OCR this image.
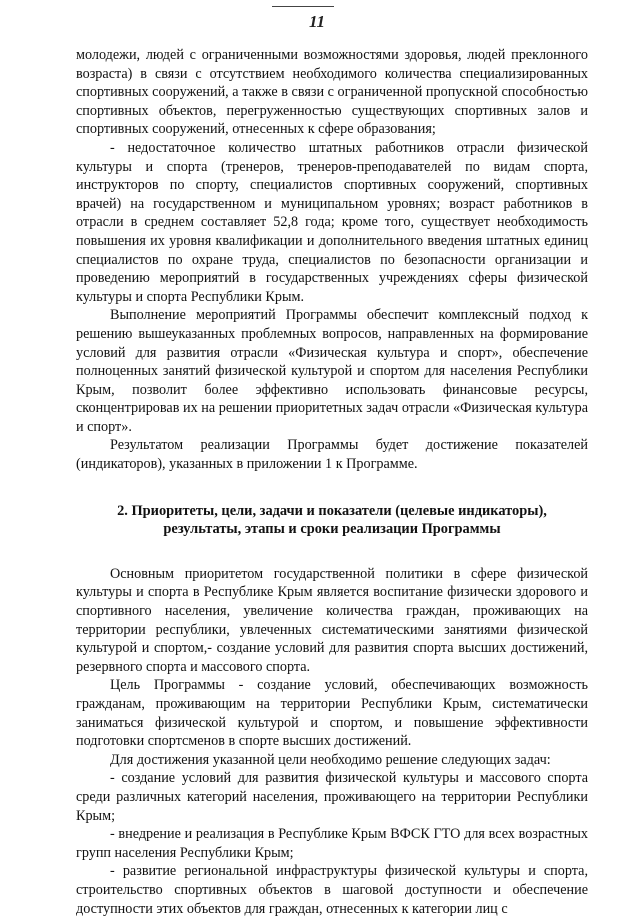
11

молодежи, людей с ограниченными возможностями здоровья, людей преклонного возраста) в связи с отсутствием необходимого количества специализированных спортивных сооружений, а также в связи с ограниченной пропускной способностью спортивных объектов, перегруженностью существующих спортивных залов и спортивных сооружений, отнесенных к сфере образования;

- недостаточное количество штатных работников отрасли физической культуры и спорта (тренеров, тренеров-преподавателей по видам спорта, инструкторов по спорту, специалистов спортивных сооружений, спортивных врачей) на государственном и муниципальном уровнях; возраст работников в отрасли в среднем составляет 52,8 года; кроме того, существует необходимость повышения их уровня квалификации и дополнительного введения штатных единиц специалистов по охране труда, специалистов по безопасности организации и проведению мероприятий в государственных учреждениях сферы физической культуры и спорта Республики Крым.

Выполнение мероприятий Программы обеспечит комплексный подход к решению вышеуказанных проблемных вопросов, направленных на формирование условий для развития отрасли «Физическая культура и спорт», обеспечение полноценных занятий физической культурой и спортом для населения Республики Крым, позволит более эффективно использовать финансовые ресурсы, сконцентрировав их на решении приоритетных задач отрасли «Физическая культура и спорт».

Результатом реализации Программы будет достижение показателей (индикаторов), указанных в приложении 1 к Программе.

2. Приоритеты, цели, задачи и показатели (целевые индикаторы), результаты, этапы и сроки реализации Программы

Основным приоритетом государственной политики в сфере физической культуры и спорта в Республике Крым является воспитание физически здорового и спортивного населения, увеличение количества граждан, проживающих на территории республики, увлеченных систематическими занятиями физической культурой и спортом,- создание условий для развития спорта высших достижений, резервного спорта и массового спорта.

Цель Программы - создание условий, обеспечивающих возможность гражданам, проживающим на территории Республики Крым, систематически заниматься физической культурой и спортом, и повышение эффективности подготовки спортсменов в спорте высших достижений.

Для достижения указанной цели необходимо решение следующих задач:

- создание условий для развития физической культуры и массового спорта среди различных категорий населения, проживающего на территории Республики Крым;

- внедрение и реализация в Республике Крым ВФСК ГТО для всех возрастных групп населения Республики Крым;

- развитие региональной инфраструктуры физической культуры и спорта, строительство спортивных объектов в шаговой доступности и обеспечение доступности этих объектов для граждан, отнесенных к категории лиц с
